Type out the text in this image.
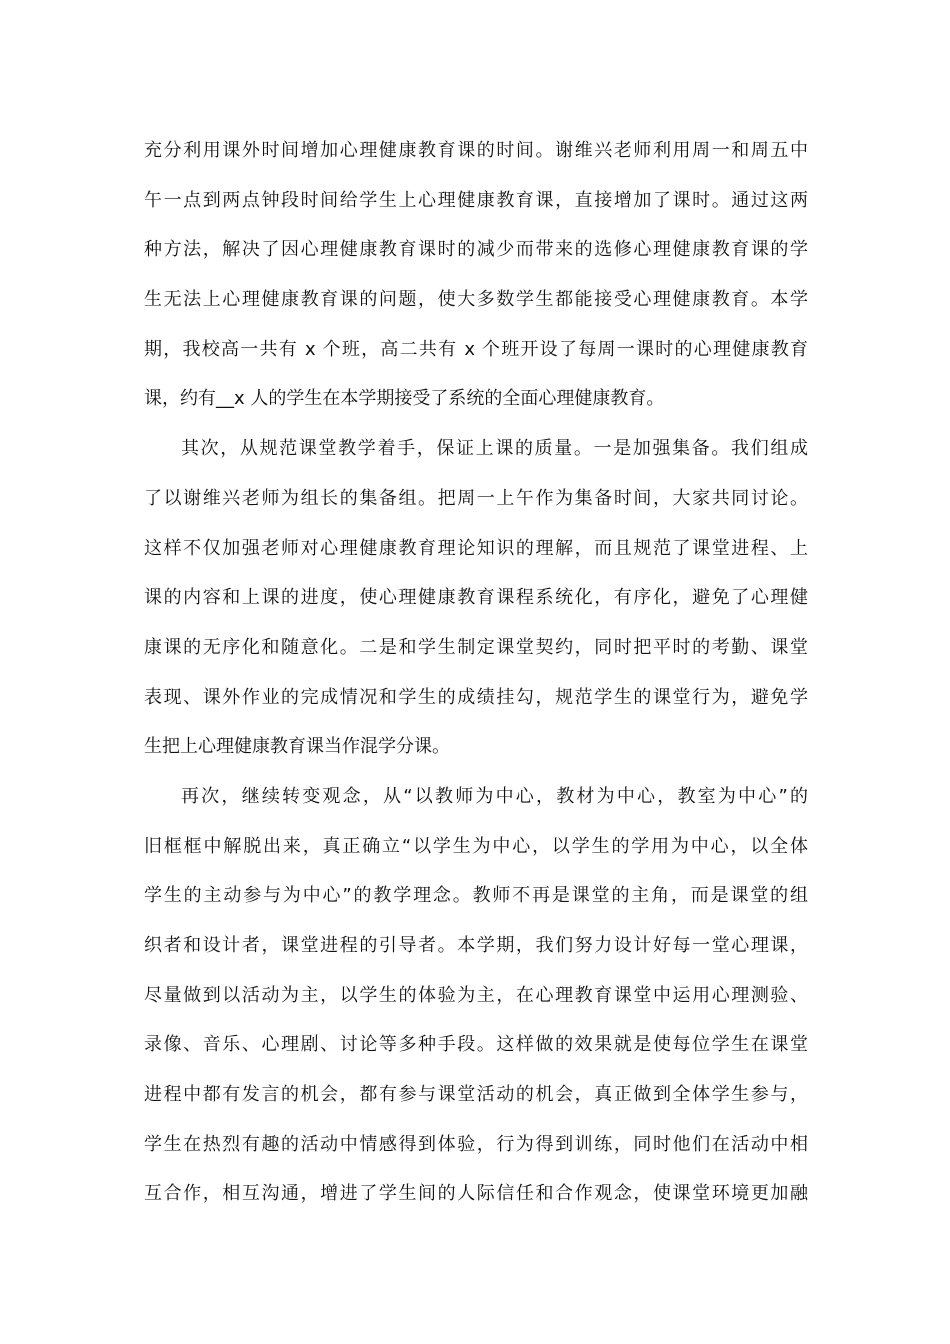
充分利用课外时间增加心理健康教育课的时间。谢维兴老师利用周一和周五中
午一点到两点钟段时间给学生上心理健康教育课，直接增加了课时。通过这两
种方法，解决了因心理健康教育课时的减少而带来的选修心理健康教育课的学
生无法上心理健康教育课的问题，使大多数学生都能接受心理健康教育。本学
期，我校高一共有 x 个班，高二共有 x 个班开设了每周一课时的心理健康教育
课，约有__x 人的学生在本学期接受了系统的全面心理健康教育。
其次，从规范课堂教学着手，保证上课的质量。一是加强集备。我们组成
了以谢维兴老师为组长的集备组。把周一上午作为集备时间，大家共同讨论。
这样不仅加强老师对心理健康教育理论知识的理解，而且规范了课堂进程、上
课的内容和上课的进度，使心理健康教育课程系统化，有序化，避免了心理健
康课的无序化和随意化。二是和学生制定课堂契约，同时把平时的考勤、课堂
表现、课外作业的完成情况和学生的成绩挂勾，规范学生的课堂行为，避免学
生把上心理健康教育课当作混学分课。
再次，继续转变观念，从“以教师为中心，教材为中心，教室为中心”的
旧框框中解脱出来，真正确立“以学生为中心，以学生的学用为中心，以全体
学生的主动参与为中心”的教学理念。教师不再是课堂的主角，而是课堂的组
织者和设计者，课堂进程的引导者。本学期，我们努力设计好每一堂心理课，
尽量做到以活动为主，以学生的体验为主，在心理教育课堂中运用心理测验、
录像、音乐、心理剧、讨论等多种手段。这样做的效果就是使每位学生在课堂
进程中都有发言的机会，都有参与课堂活动的机会，真正做到全体学生参与，
学生在热烈有趣的活动中情感得到体验，行为得到训练，同时他们在活动中相
互合作，相互沟通，增进了学生间的人际信任和合作观念，使课堂环境更加融
